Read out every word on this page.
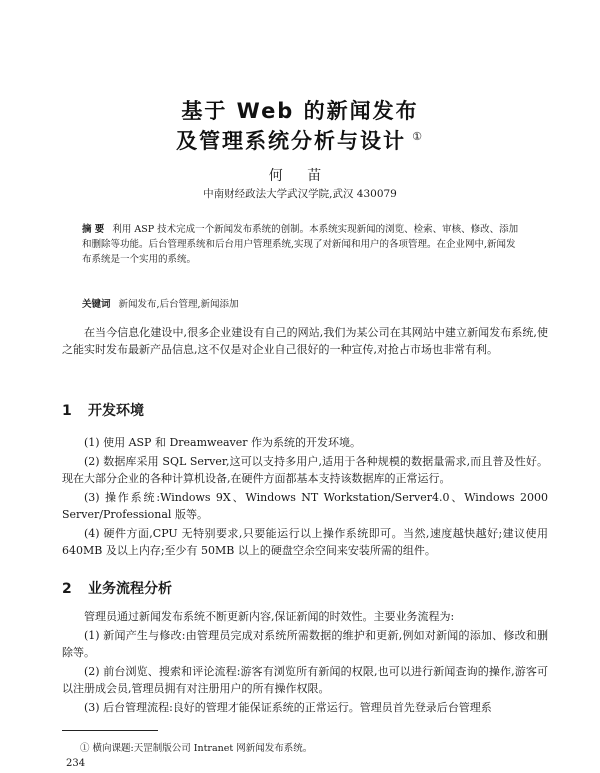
基于 Web 的新闻发布
及管理系统分析与设计 ①
何 苗
中南财经政法大学武汉学院,武汉 430079
摘 要 利用 ASP 技术完成一个新闻发布系统的创制。本系统实现新闻的浏览、检索、审核、修改、添加和删除等功能。后台管理系统和后台用户管理系统,实现了对新闻和用户的各项管理。在企业网中,新闻发布系统是一个实用的系统。
关键词 新闻发布,后台管理,新闻添加
在当今信息化建设中,很多企业建设有自己的网站,我们为某公司在其网站中建立新闻发布系统,使之能实时发布最新产品信息,这不仅是对企业自己很好的一种宣传,对抢占市场也非常有利。
1 开发环境

(1) 使用 ASP 和 Dreamweaver 作为系统的开发环境。

(2) 数据库采用 SQL Server,这可以支持多用户,适用于各种规模的数据量需求,而且普及性好。现在大部分企业的各种计算机设备,在硬件方面都基本支持该数据库的正常运行。

(3) 操作系统:Windows 9X、Windows NT Workstation/Server4.0、Windows 2000 Server/Professional 版等。

(4) 硬件方面,CPU 无特别要求,只要能运行以上操作系统即可。当然,速度越快越好;建议使用 640MB 及以上内存;至少有 50MB 以上的硬盘空余空间来安装所需的组件。

2 业务流程分析

管理员通过新闻发布系统不断更新内容,保证新闻的时效性。主要业务流程为:

(1) 新闻产生与修改:由管理员完成对系统所需数据的维护和更新,例如对新闻的添加、修改和删除等。

(2) 前台浏览、搜索和评论流程:游客有浏览所有新闻的权限,也可以进行新闻查询的操作,游客可以注册成会员,管理员拥有对注册用户的所有操作权限。

(3) 后台管理流程:良好的管理才能保证系统的正常运行。管理员首先登录后台管理系

① 横向课题:天罡制版公司 Intranet 网新闻发布系统。
234
